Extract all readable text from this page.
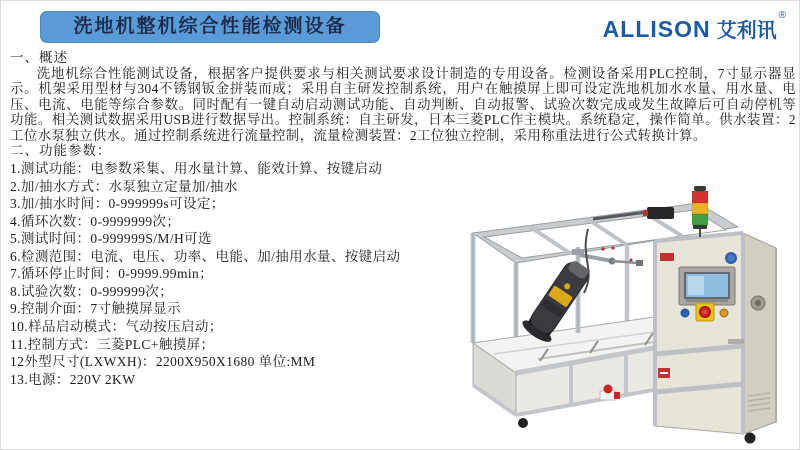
洗地机整机综合性能检测设备	ALLISON 艾利讯®
一、概述

洗地机综合性能测试设备，根据客户提供要求与相关测试要求设计制造的专用设备。检测设备采用PLC控制，7寸显示器显示。机架采用型材与304不锈钢钣金拼装而成；采用自主研发控制系统，用户在触摸屏上即可设定洗地机加水水量、用水量、电压、电流、电能等综合参数。同时配有一键自动启动测试功能、自动判断、自动报警、试验次数完成或发生故障后可自动停机等功能。相关测试数据采用USB进行数据导出。控制系统：自主研发，日本三菱PLC作主模块。系统稳定，操作简单。供水装置：2工位水泵独立供水。通过控制系统进行流量控制，流量检测装置：2工位独立控制，采用称重法进行公式转换计算。

二、功能参数：
1.测试功能：电参数采集、用水量计算、能效计算、按键启动
2.加/抽水方式：水泵独立定量加/抽水
3.加/抽水时间：0-999999s可设定；
4.循环次数：0-9999999次；
5.测试时间：0-999999S/M/H可选
6.检测范围：电流、电压、功率、电能、加/抽用水量、按键启动
7.循环停止时间：0-9999.99min；
8.试验次数：0-999999次；
9.控制介面：7寸触摸屏显示
10.样品启动模式：气动按压启动；
11.控制方式：三菱PLC+触摸屏；
12外型尺寸(LXWXH)：2200X950X1680 单位:MM
13.电源：220V 2KW
